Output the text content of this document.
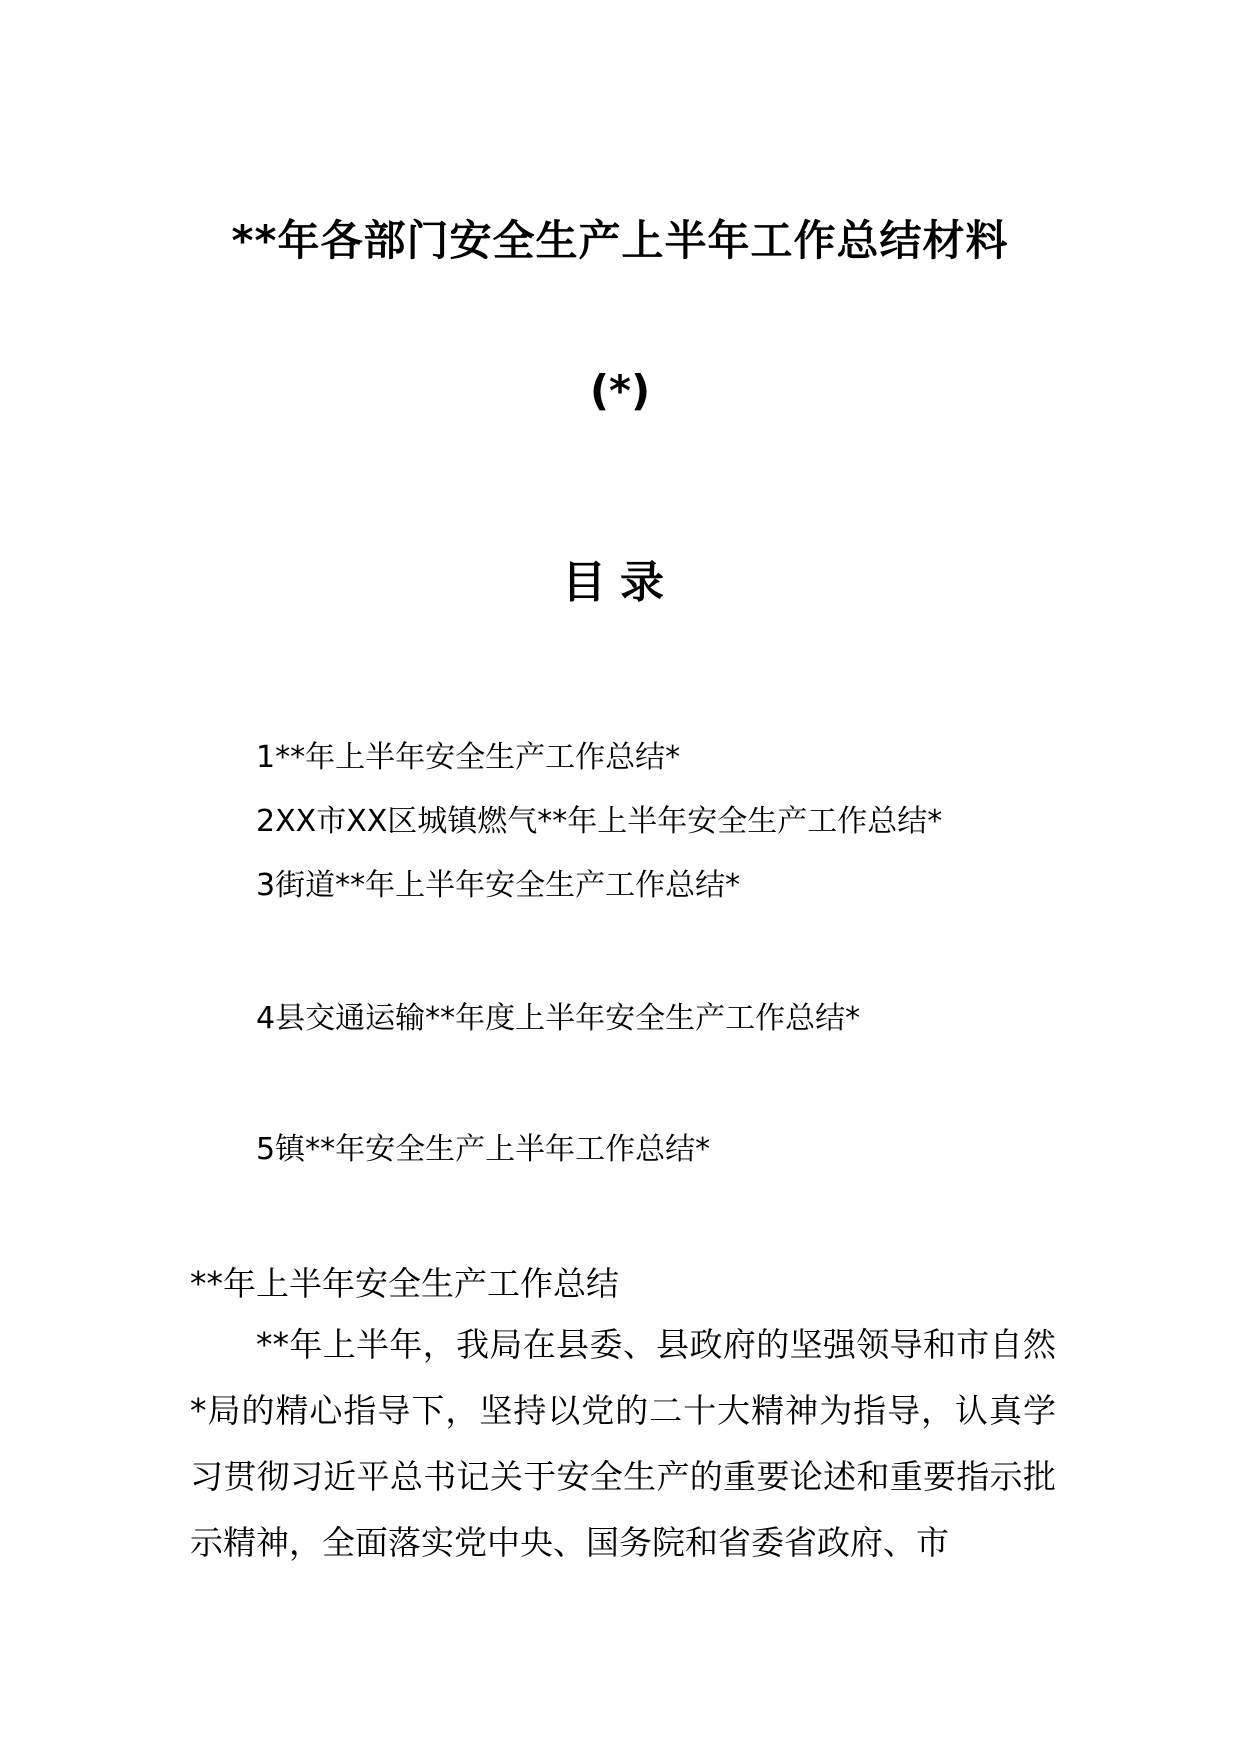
**年各部门安全生产上半年工作总结材料
(*)
目录
1**年上半年安全生产工作总结*
2XX市XX区城镇燃气**年上半年安全生产工作总结*
3街道**年上半年安全生产工作总结*
4县交通运输**年度上半年安全生产工作总结*
5镇**年安全生产上半年工作总结*
**年上半年安全生产工作总结
**年上半年，我局在县委、县政府的坚强领导和市自然*局的精心指导下，坚持以党的二十大精神为指导，认真学习贯彻习近平总书记关于安全生产的重要论述和重要指示批示精神，全面落实党中央、国务院和省委省政府、市
